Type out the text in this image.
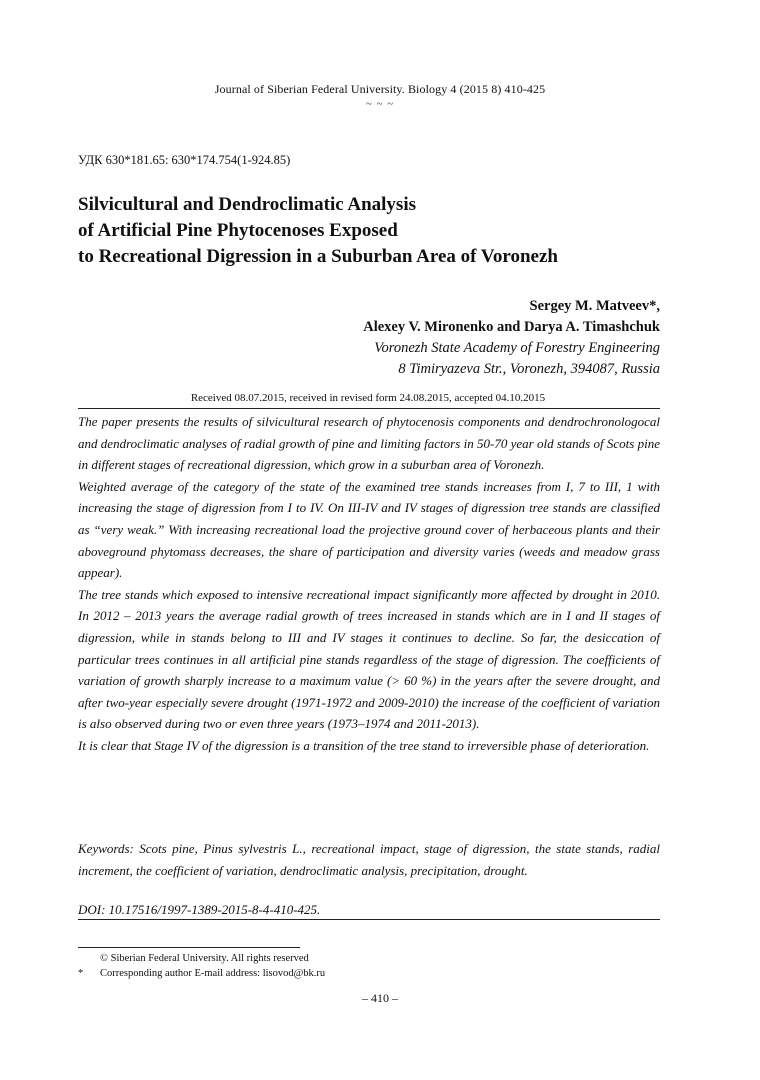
Journal of Siberian Federal University. Biology 4 (2015 8) 410-425
~ ~ ~
УДК 630*181.65: 630*174.754(1-924.85)
Silvicultural and Dendroclimatic Analysis
of Artificial Pine Phytocenoses Exposed
to Recreational Digression in a Suburban Area of Voronezh
Sergey M. Matveev*,
Alexey V. Mironenko and Darya A. Timashchuk
Voronezh State Academy of Forestry Engineering
8 Timiryazeva Str., Voronezh, 394087, Russia
Received 08.07.2015, received in revised form 24.08.2015, accepted 04.10.2015

The paper presents the results of silvicultural research of phytocenosis components and dendrochronologocal and dendroclimatic analyses of radial growth of pine and limiting factors in 50-70 year old stands of Scots pine in different stages of recreational digression, which grow in a suburban area of Voronezh.

Weighted average of the category of the state of the examined tree stands increases from I, 7 to III, 1 with increasing the stage of digression from I to IV. On III-IV and IV stages of digression tree stands are classified as “very weak.” With increasing recreational load the projective ground cover of herbaceous plants and their aboveground phytomass decreases, the share of participation and diversity varies (weeds and meadow grass appear).

The tree stands which exposed to intensive recreational impact significantly more affected by drought in 2010. In 2012 – 2013 years the average radial growth of trees increased in stands which are in I and II stages of digression, while in stands belong to III and IV stages it continues to decline. So far, the desiccation of particular trees continues in all artificial pine stands regardless of the stage of digression. The coefficients of variation of growth sharply increase to a maximum value (> 60 %) in the years after the severe drought, and after two-year especially severe drought (1971-1972 and 2009-2010) the increase of the coefficient of variation is also observed during two or even three years (1973–1974 and 2011-2013).

It is clear that Stage IV of the digression is a transition of the tree stand to irreversible phase of deterioration.

Keywords: Scots pine, Pinus sylvestris L., recreational impact, stage of digression, the state stands, radial increment, the coefficient of variation, dendroclimatic analysis, precipitation, drought.
DOI: 10.17516/1997-1389-2015-8-4-410-425.
© Siberian Federal University. All rights reserved
* Corresponding author E-mail address: lisovod@bk.ru
– 410 –
